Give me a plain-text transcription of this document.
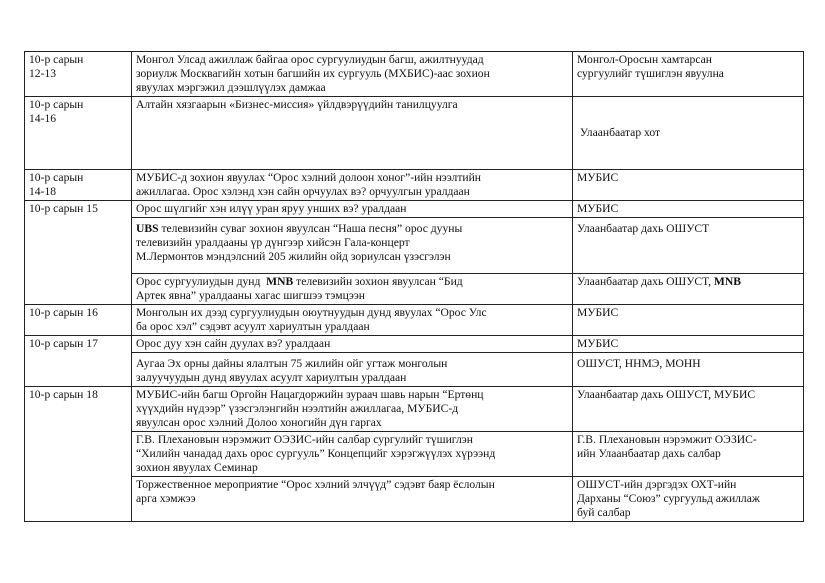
10-р сарын
12-13	Монгол Улсад ажиллаж байгаа орос сургуулиудын багш, ажилтнуудад
зориулж Москвагийн хотын багшийн их сургууль (МХБИС)-аас зохион
явуулах мэргэжил дээшлүүлэх дамжаа	Монгол-Оросын хамтарсан
сургуулийг түшиглэн явуулна

10-р сарын
14-16	Алтайн хязгаарын «Бизнес-миссия» үйлдвэрүүдийн танилцуулга	Улаанбаатар хот

10-р сарын
14-18	МУБИС-д зохион явуулах “Орос хэлний долоон хоног”-ийн нээлтийн
ажиллагаа. Орос хэлэнд хэн сайн орчуулах вэ? орчуулгын уралдаан	МУБИС

10-р сарын 15	Орос шүлгийг хэн илүү уран яруу уншиx вэ? уралдаан	МУБИС

	UBS телевизийн суваг зохион явуулсан “Наша песня” орос дууны
телевизийн уралдааны үр дүнгээр хийсэн Гала-концерт
М.Лермонтов мэндэлсний 205 жилийн ойд зориулсан үзэсгэлэн	Улаанбаатар дахь ОШУСТ

	Орос сургуулиудын дунд  MNB телевизийн зохион явуулсан “Бид
Артек явна” уралдааны хагас шигшээ тэмцээн	Улаанбаатар дахь ОШУСТ, MNB

10-р сарын 16	Монголын их дээд сургуулиудын оюутнуудын дунд явуулах “Орос Улс
ба орос хэл” сэдэвт асуулт хариултын уралдаан	МУБИС

10-р сарын 17	Орос дуу хэн сайн дуулах вэ? уралдаан	МУБИС

	Аугаа Эх орны дайны ялалтын 75 жилийн ойг угтаж монголын
залуучуудын дунд явуулах асуулт хариултын уралдаан	ОШУСТ, ННМЭ, МОНН

10-р сарын 18	МУБИС-ийн багш Оргойн Нацагдоржийн зураач шавь нарын “Ертөнц
хүүхдийн нүдээр” үзэсгэлэнгийн нээлтийн ажиллагаа, МУБИС-д
явуулсан орос хэлний Долоо хоногийн дүн гаргах	Улаанбаатар дахь ОШУСТ, МУБИС

	Г.В. Плехановын нэрэмжит ОЭЗИС-ийн салбар сургулийг түшиглэн
“Хилийн чанадад дахь орос сургууль” Концепцийг хэрэгжүүлэх хүрээнд
зохион явуулах Семинар	Г.В. Плехановын нэрэмжит ОЭЗИС-
ийн Улаанбаатар дахь салбар

	Торжественное мероприятие “Орос хэлний элчүүд” сэдэвт баяр ёслолын
арга хэмжээ	ОШУСТ-ийн дэргэдэх ОХТ-ийн
Дарханы “Союз” сургуульд ажиллаж
буй салбар
